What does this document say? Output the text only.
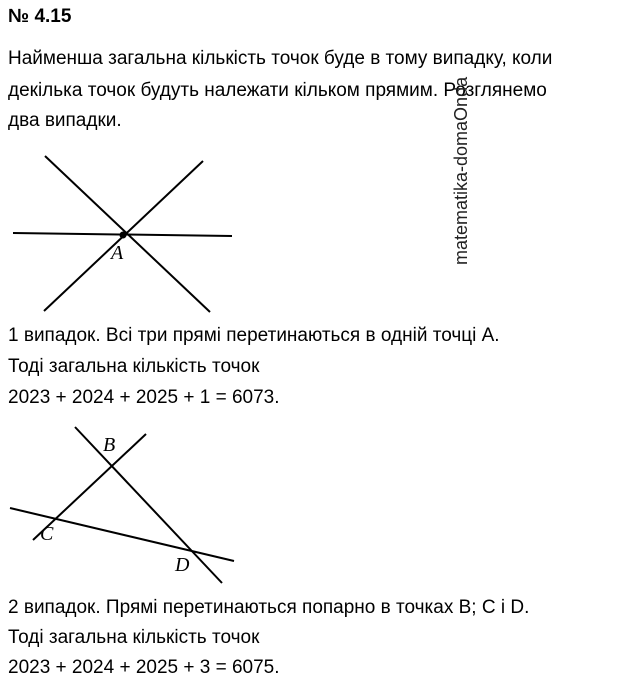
№ 4.15
Найменша загальна кількість точок буде в тому випадку, коли
декілька точок будуть належати кільком прямим. Розглянемо
два випадки.	matematika-domaOnda
A
1 випадок. Всі три прямі перетинаються в одній точці А.
Тоді загальна кількість точок
2023 + 2024 + 2025 + 1 = 6073.
B
C
D
2 випадок. Прямі перетинаються попарно в точках B; C і D.
Тоді загальна кількість точок
2023 + 2024 + 2025 + 3 = 6075.
